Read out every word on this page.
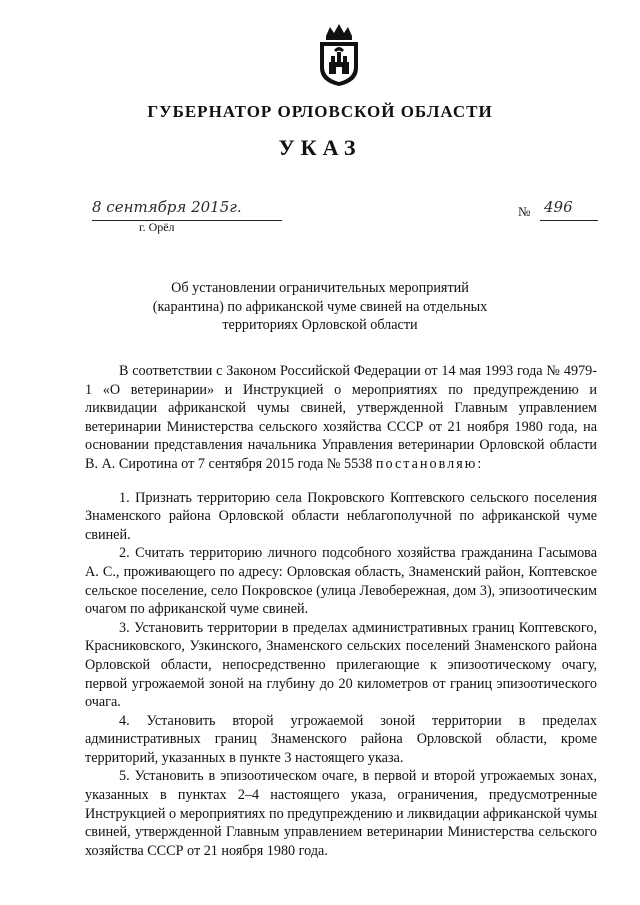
ГУБЕРНАТОР ОРЛОВСКОЙ ОБЛАСТИ
УКАЗ
8 сентября 2015г.
г. Орёл
№ 496
Об установлении ограничительных мероприятий
(карантина) по африканской чуме свиней на отдельных
территориях Орловской области

В соответствии с Законом Российской Федерации от 14 мая 1993 года № 4979-1 «О ветеринарии» и Инструкцией о мероприятиях по предупреждению и ликвидации африканской чумы свиней, утвержденной Главным управлением ветеринарии Министерства сельского хозяйства СССР от 21 ноября 1980 года, на основании представления начальника Управления ветеринарии Орловской области В. А. Сиротина от 7 сентября 2015 года № 5538 постановляю:

1. Признать территорию села Покровского Коптевского сельского поселения Знаменского района Орловской области неблагополучной по африканской чуме свиней.

2. Считать территорию личного подсобного хозяйства гражданина Гасымова А. С., проживающего по адресу: Орловская область, Знаменский район, Коптевское сельское поселение, село Покровское (улица Левобережная, дом 3), эпизоотическим очагом по африканской чуме свиней.

3. Установить территории в пределах административных границ Коптевского, Красниковского, Узкинского, Знаменского сельских поселений Знаменского района Орловской области, непосредственно прилегающие к эпизоотическому очагу, первой угрожаемой зоной на глубину до 20 километров от границ эпизоотического очага.

4. Установить второй угрожаемой зоной территории в пределах административных границ Знаменского района Орловской области, кроме территорий, указанных в пункте 3 настоящего указа.

5. Установить в эпизоотическом очаге, в первой и второй угрожаемых зонах, указанных в пунктах 2–4 настоящего указа, ограничения, предусмотренные Инструкцией о мероприятиях по предупреждению и ликвидации африканской чумы свиней, утвержденной Главным управлением ветеринарии Министерства сельского хозяйства СССР от 21 ноября 1980 года.
